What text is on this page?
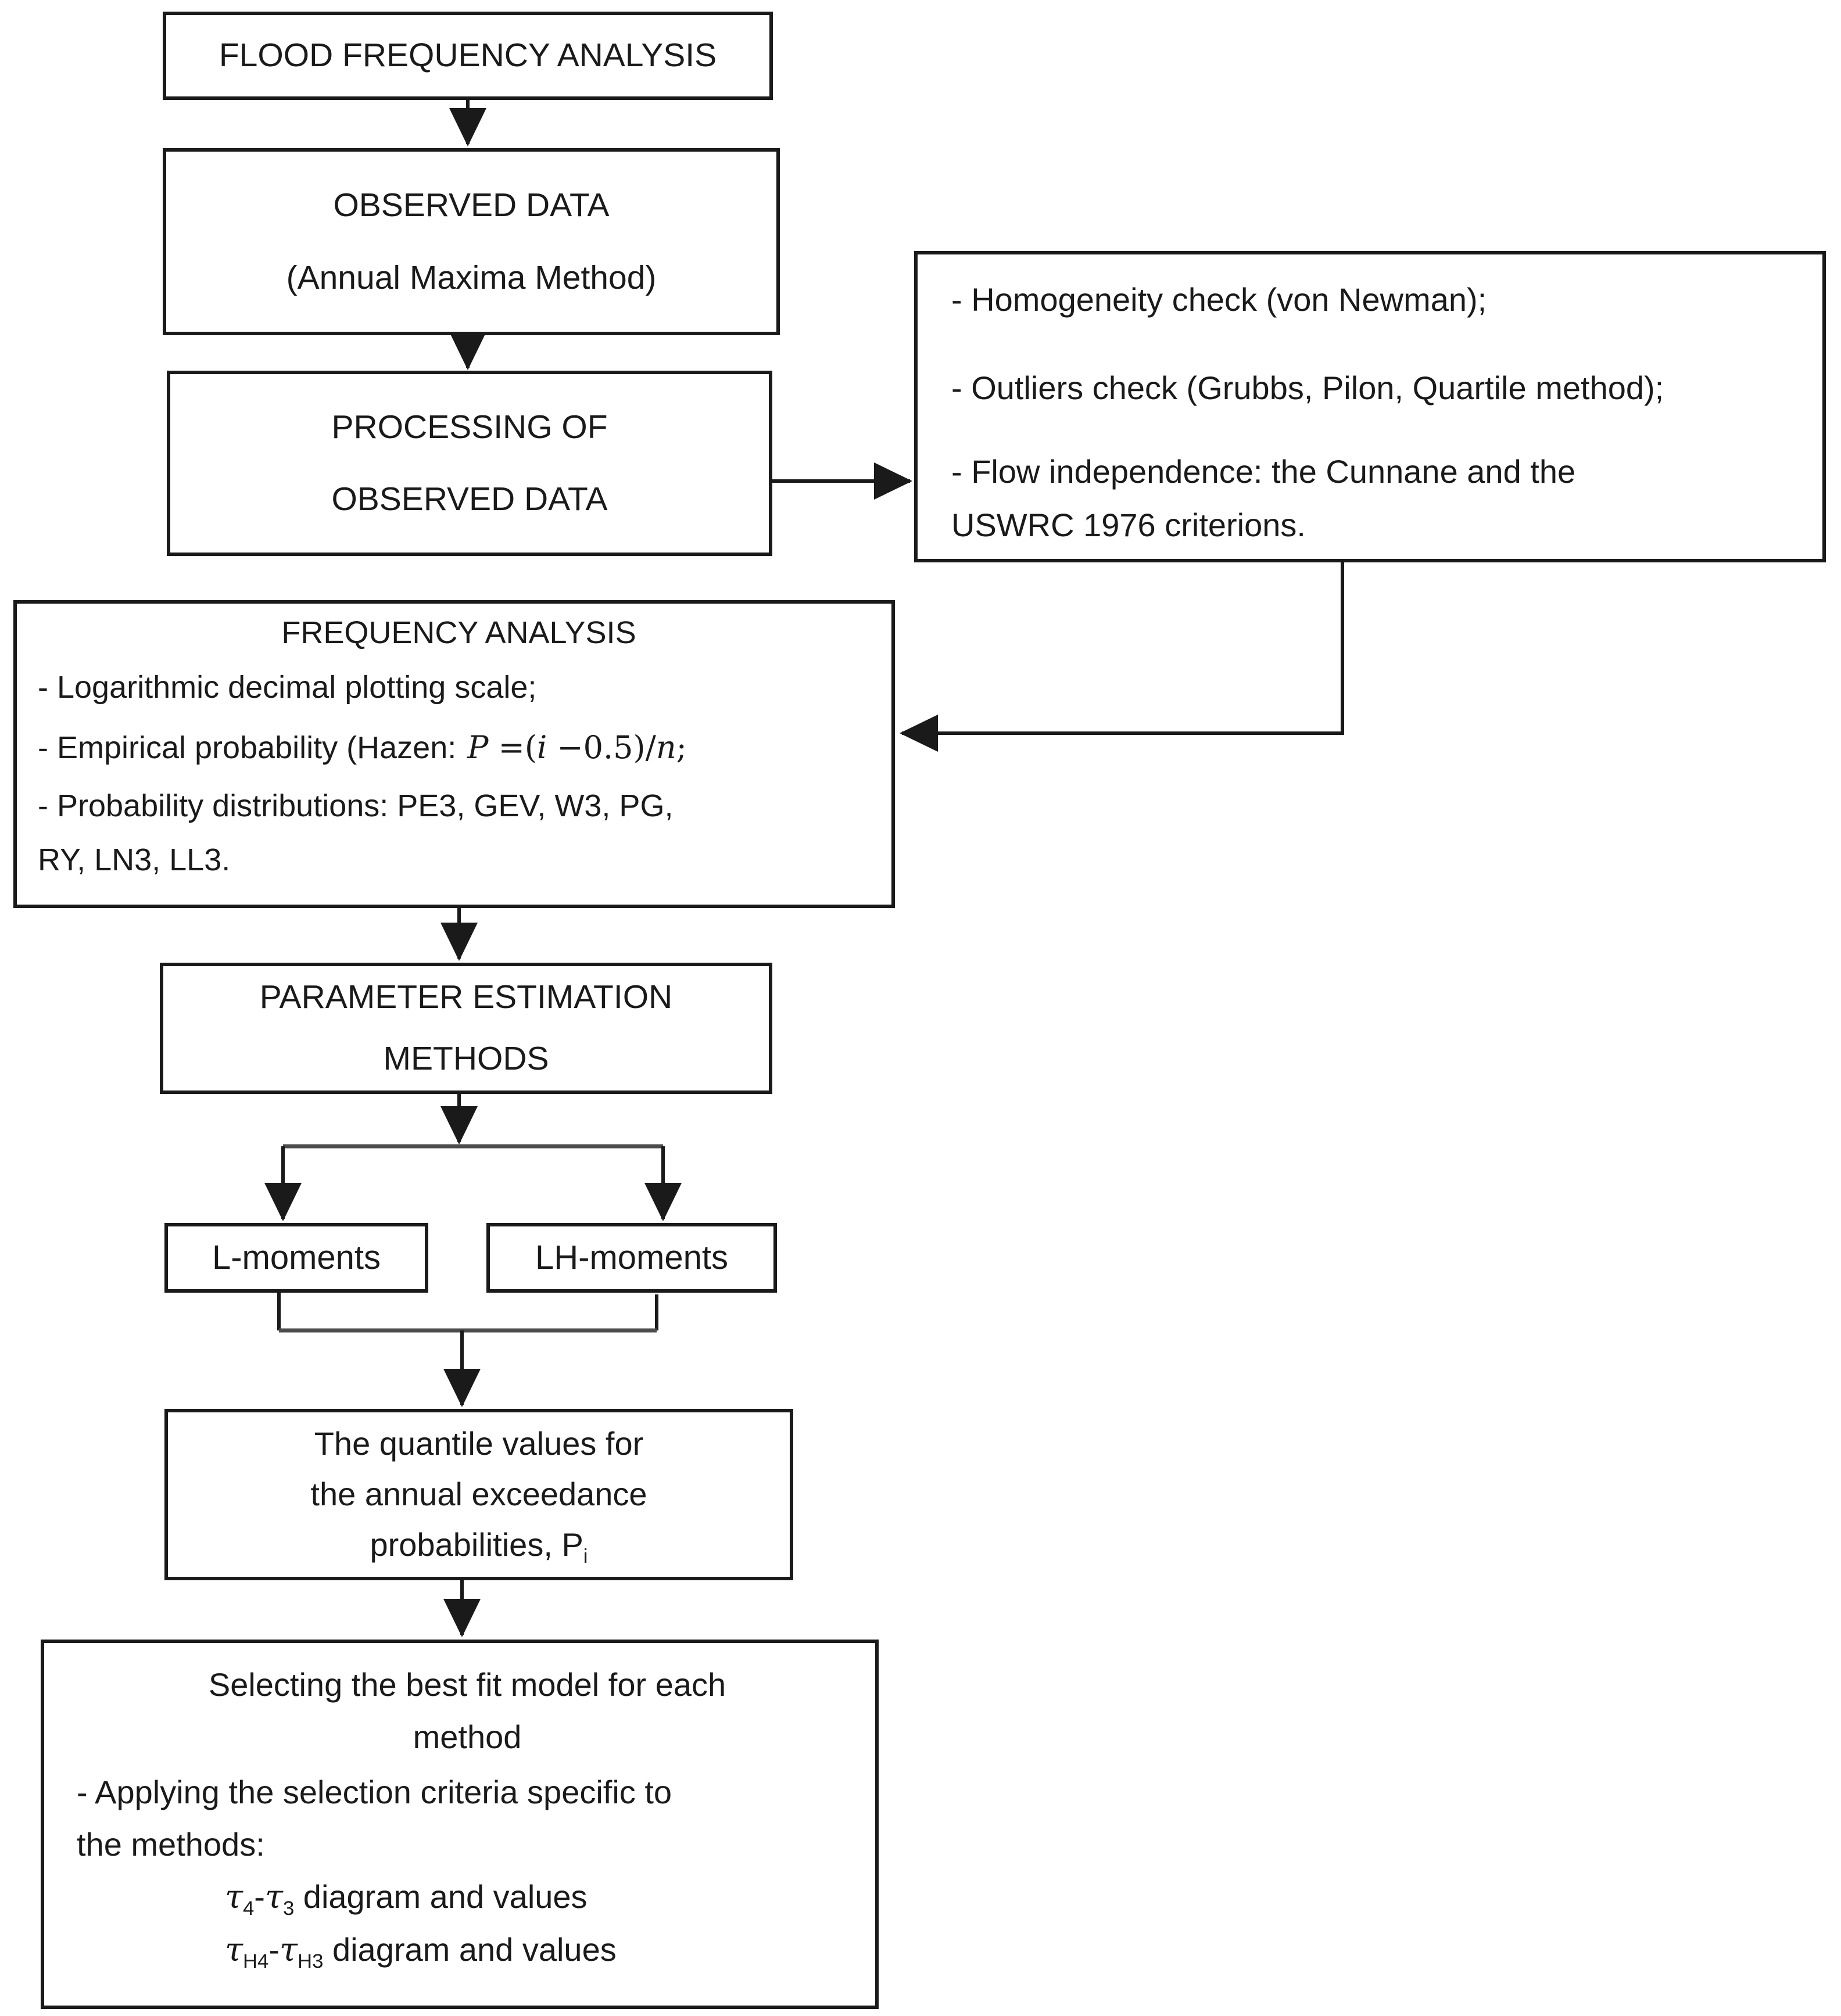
FLOOD FREQUENCY ANALYSIS
OBSERVED DATA
(Annual Maxima Method)
PROCESSING OF
OBSERVED DATA
- Homogeneity check (von Newman);
- Outliers check (Grubbs, Pilon, Quartile method);
- Flow independence: the Cunnane and the
USWRC 1976 criterions.
FREQUENCY ANALYSIS
- Logarithmic decimal plotting scale;
- Empirical probability (Hazen: P =(i −0.5)/n;
- Probability distributions: PE3, GEV, W3, PG,
RY, LN3, LL3.
PARAMETER ESTIMATION
METHODS
L-moments	LH-moments
The quantile values for
the annual exceedance
probabilities, $P_i$
Selecting the best fit model for each
method
- Applying the selection criteria specific to
the methods:
$\tau_4-\tau_3$ diagram and values
$\tau_{H4}-\tau_{H3}$ diagram and values
